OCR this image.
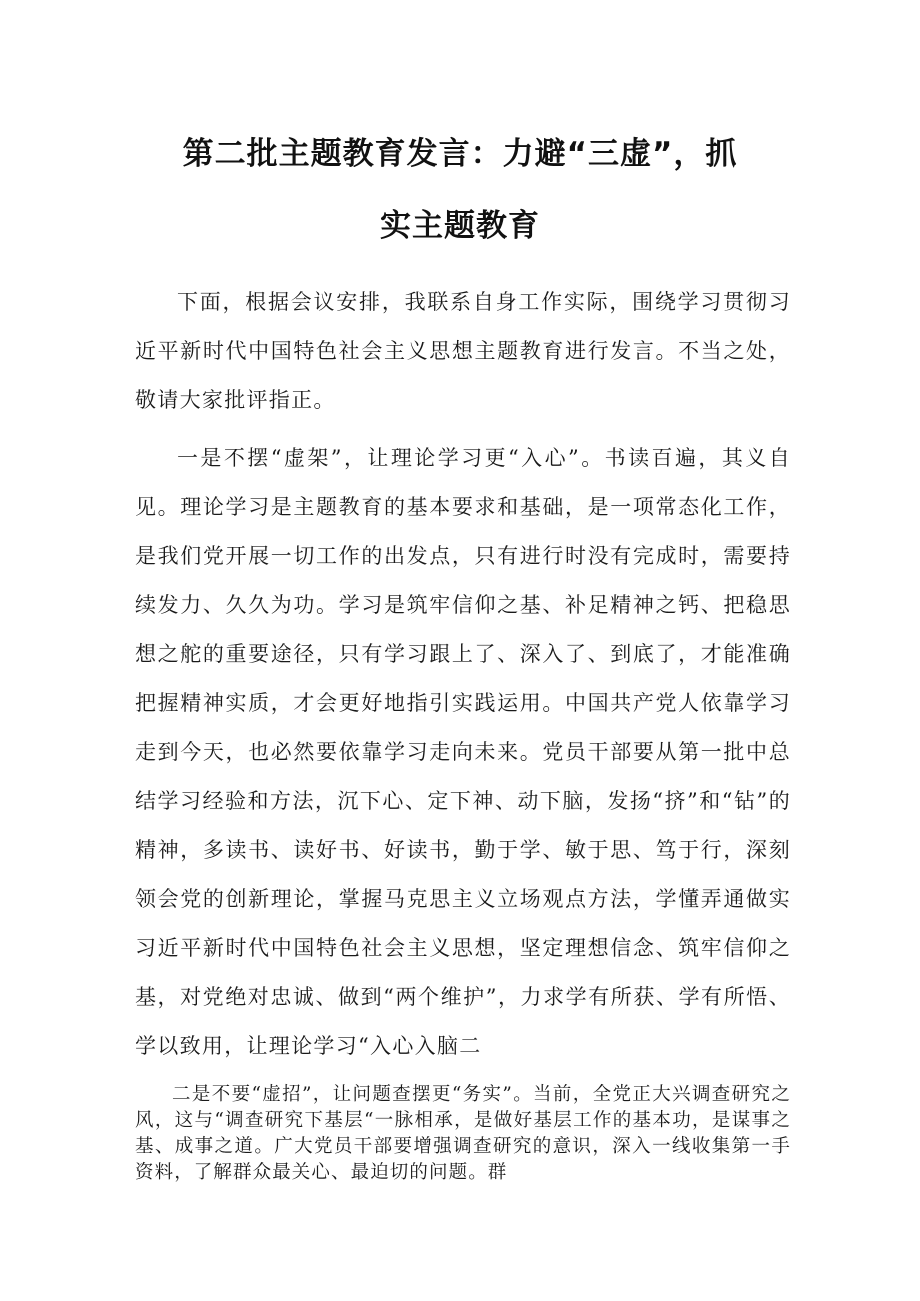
第二批主题教育发言：力避“三虚”，抓
实主题教育

下面，根据会议安排，我联系自身工作实际，围绕学习贯彻习近平新时代中国特色社会主义思想主题教育进行发言。不当之处，敬请大家批评指正。

一是不摆“虚架”，让理论学习更“入心”。书读百遍，其义自见。理论学习是主题教育的基本要求和基础，是一项常态化工作，是我们党开展一切工作的出发点，只有进行时没有完成时，需要持续发力、久久为功。学习是筑牢信仰之基、补足精神之钙、把稳思想之舵的重要途径，只有学习跟上了、深入了、到底了，才能准确把握精神实质，才会更好地指引实践运用。中国共产党人依靠学习走到今天，也必然要依靠学习走向未来。党员干部要从第一批中总结学习经验和方法，沉下心、定下神、动下脑，发扬“挤”和“钻”的精神，多读书、读好书、好读书，勤于学、敏于思、笃于行，深刻领会党的创新理论，掌握马克思主义立场观点方法，学懂弄通做实习近平新时代中国特色社会主义思想，坚定理想信念、筑牢信仰之基，对党绝对忠诚、做到“两个维护”，力求学有所获、学有所悟、学以致用，让理论学习“入心入脑二

二是不要“虚招”，让问题查摆更“务实”。当前，全党正大兴调查研究之风，这与“调查研究下基层“一脉相承，是做好基层工作的基本功，是谋事之基、成事之道。广大党员干部要增强调查研究的意识，深入一线收集第一手资料，了解群众最关心、最迫切的问题。群
